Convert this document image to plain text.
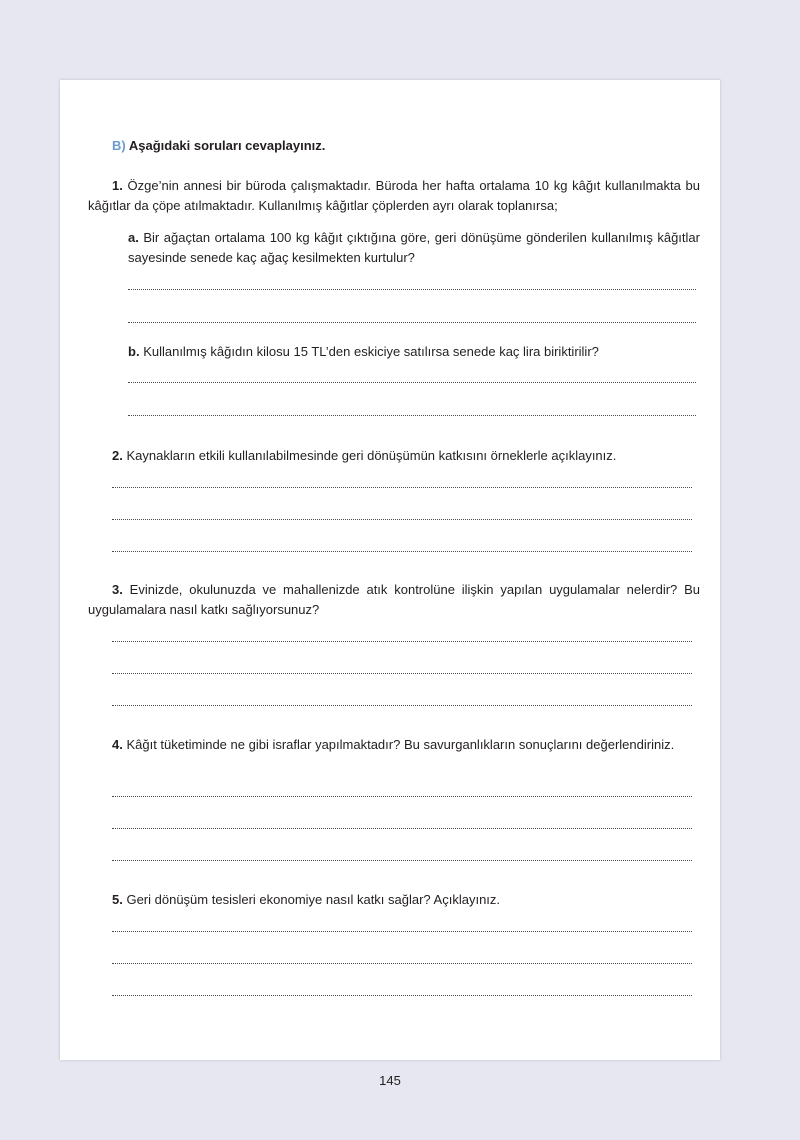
B) Aşağıdaki soruları cevaplayınız.
1. Özge’nin annesi bir büroda çalışmaktadır. Büroda her hafta ortalama 10 kg kâğıt kullanılmakta bu kâğıtlar da çöpe atılmaktadır. Kullanılmış kâğıtlar çöplerden ayrı olarak toplanırsa;
a. Bir ağaçtan ortalama 100 kg kâğıt çıktığına göre, geri dönüşüme gönderilen kullanılmış kâğıtlar sayesinde senede kaç ağaç kesilmekten kurtulur?
b. Kullanılmış kâğıdın kilosu 15 TL’den eskiciye satılırsa senede kaç lira biriktirilir?
2. Kaynakların etkili kullanılabilmesinde geri dönüşümün katkısını örneklerle açıklayınız.
3. Evinizde, okulunuzda ve mahallenizde atık kontrolüne ilişkin yapılan uygulamalar nelerdir? Bu uygulamalara nasıl katkı sağlıyorsunuz?
4. Kâğıt tüketiminde ne gibi israflar yapılmaktadır? Bu savurganlıkların sonuçlarını değerlendiriniz.
5. Geri dönüşüm tesisleri ekonomiye nasıl katkı sağlar? Açıklayınız.
145
